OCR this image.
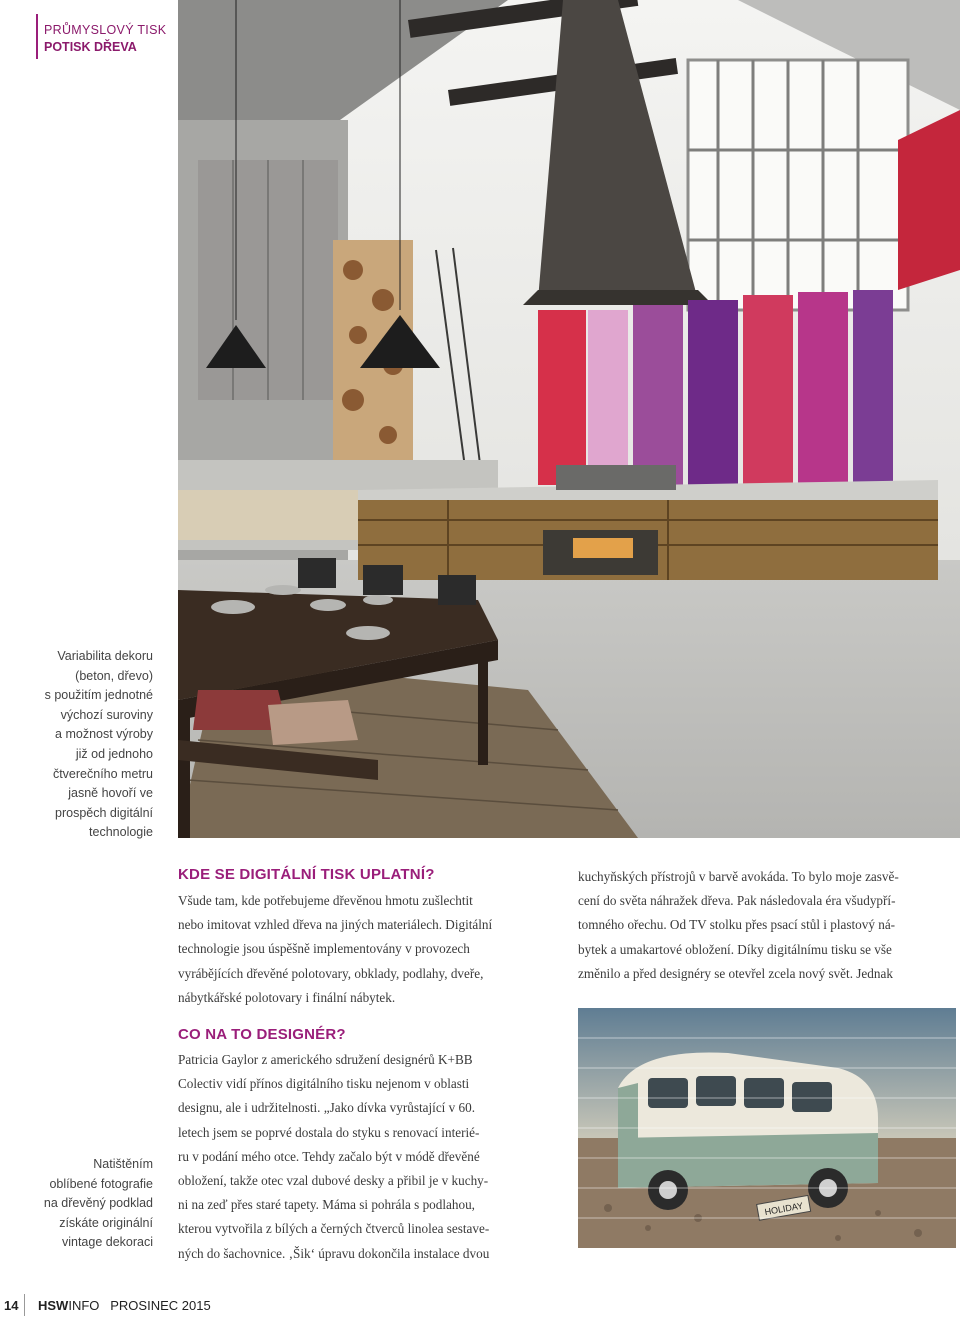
PRŮMYSLOVÝ TISK
POTISK DŘEVA
Variabilita dekoru
(beton, dřevo)
s použitím jednotné
výchozí suroviny
a možnost výroby
již od jednoho
čtverečního metru
jasně hovoří ve
prospěch digitální
technologie
KDE SE DIGITÁLNÍ TISK UPLATNÍ?

Všude tam, kde potřebujeme dřevěnou hmotu zušlechtit

nebo imitovat vzhled dřeva na jiných materiálech. Digitální

technologie jsou úspěšně implementovány v provozech

vyrábějících dřevěné polotovary, obklady, podlahy, dveře,

nábytkářské polotovary i finální nábytek.

kuchyňských přístrojů v barvě avokáda. To bylo moje zasvě-

cení do světa náhražek dřeva. Pak následovala éra všudypří-

tomného ořechu. Od TV stolku přes psací stůl i plastový ná-

bytek a umakartové obložení. Díky digitálnímu tisku se vše

změnilo a před designéry se otevřel zcela nový svět. Jednak

CO NA TO DESIGNÉR?

Patricia Gaylor z amerického sdružení designérů K+BB

Colectiv vidí přínos digitálního tisku nejenom v oblasti

designu, ale i udržitelnosti. „Jako dívka vyrůstající v 60.

letech jsem se poprvé dostala do styku s renovací interié-

ru v podání mého otce. Tehdy začalo být v módě dřevěné

obložení, takže otec vzal dubové desky a přibil je v kuchy-

ni na zeď přes staré tapety. Máma si pohrála s podlahou,

kterou vytvořila z bílých a černých čtverců linolea sestave-

ných do šachovnice. ‚Šik‘ úpravu dokončila instalace dvou

Natištěním
oblíbené fotografie
na dřevěný podklad
získáte originální
vintage dekoraci
HOLIDAY
14 HSWINFO PROSINEC 2015
